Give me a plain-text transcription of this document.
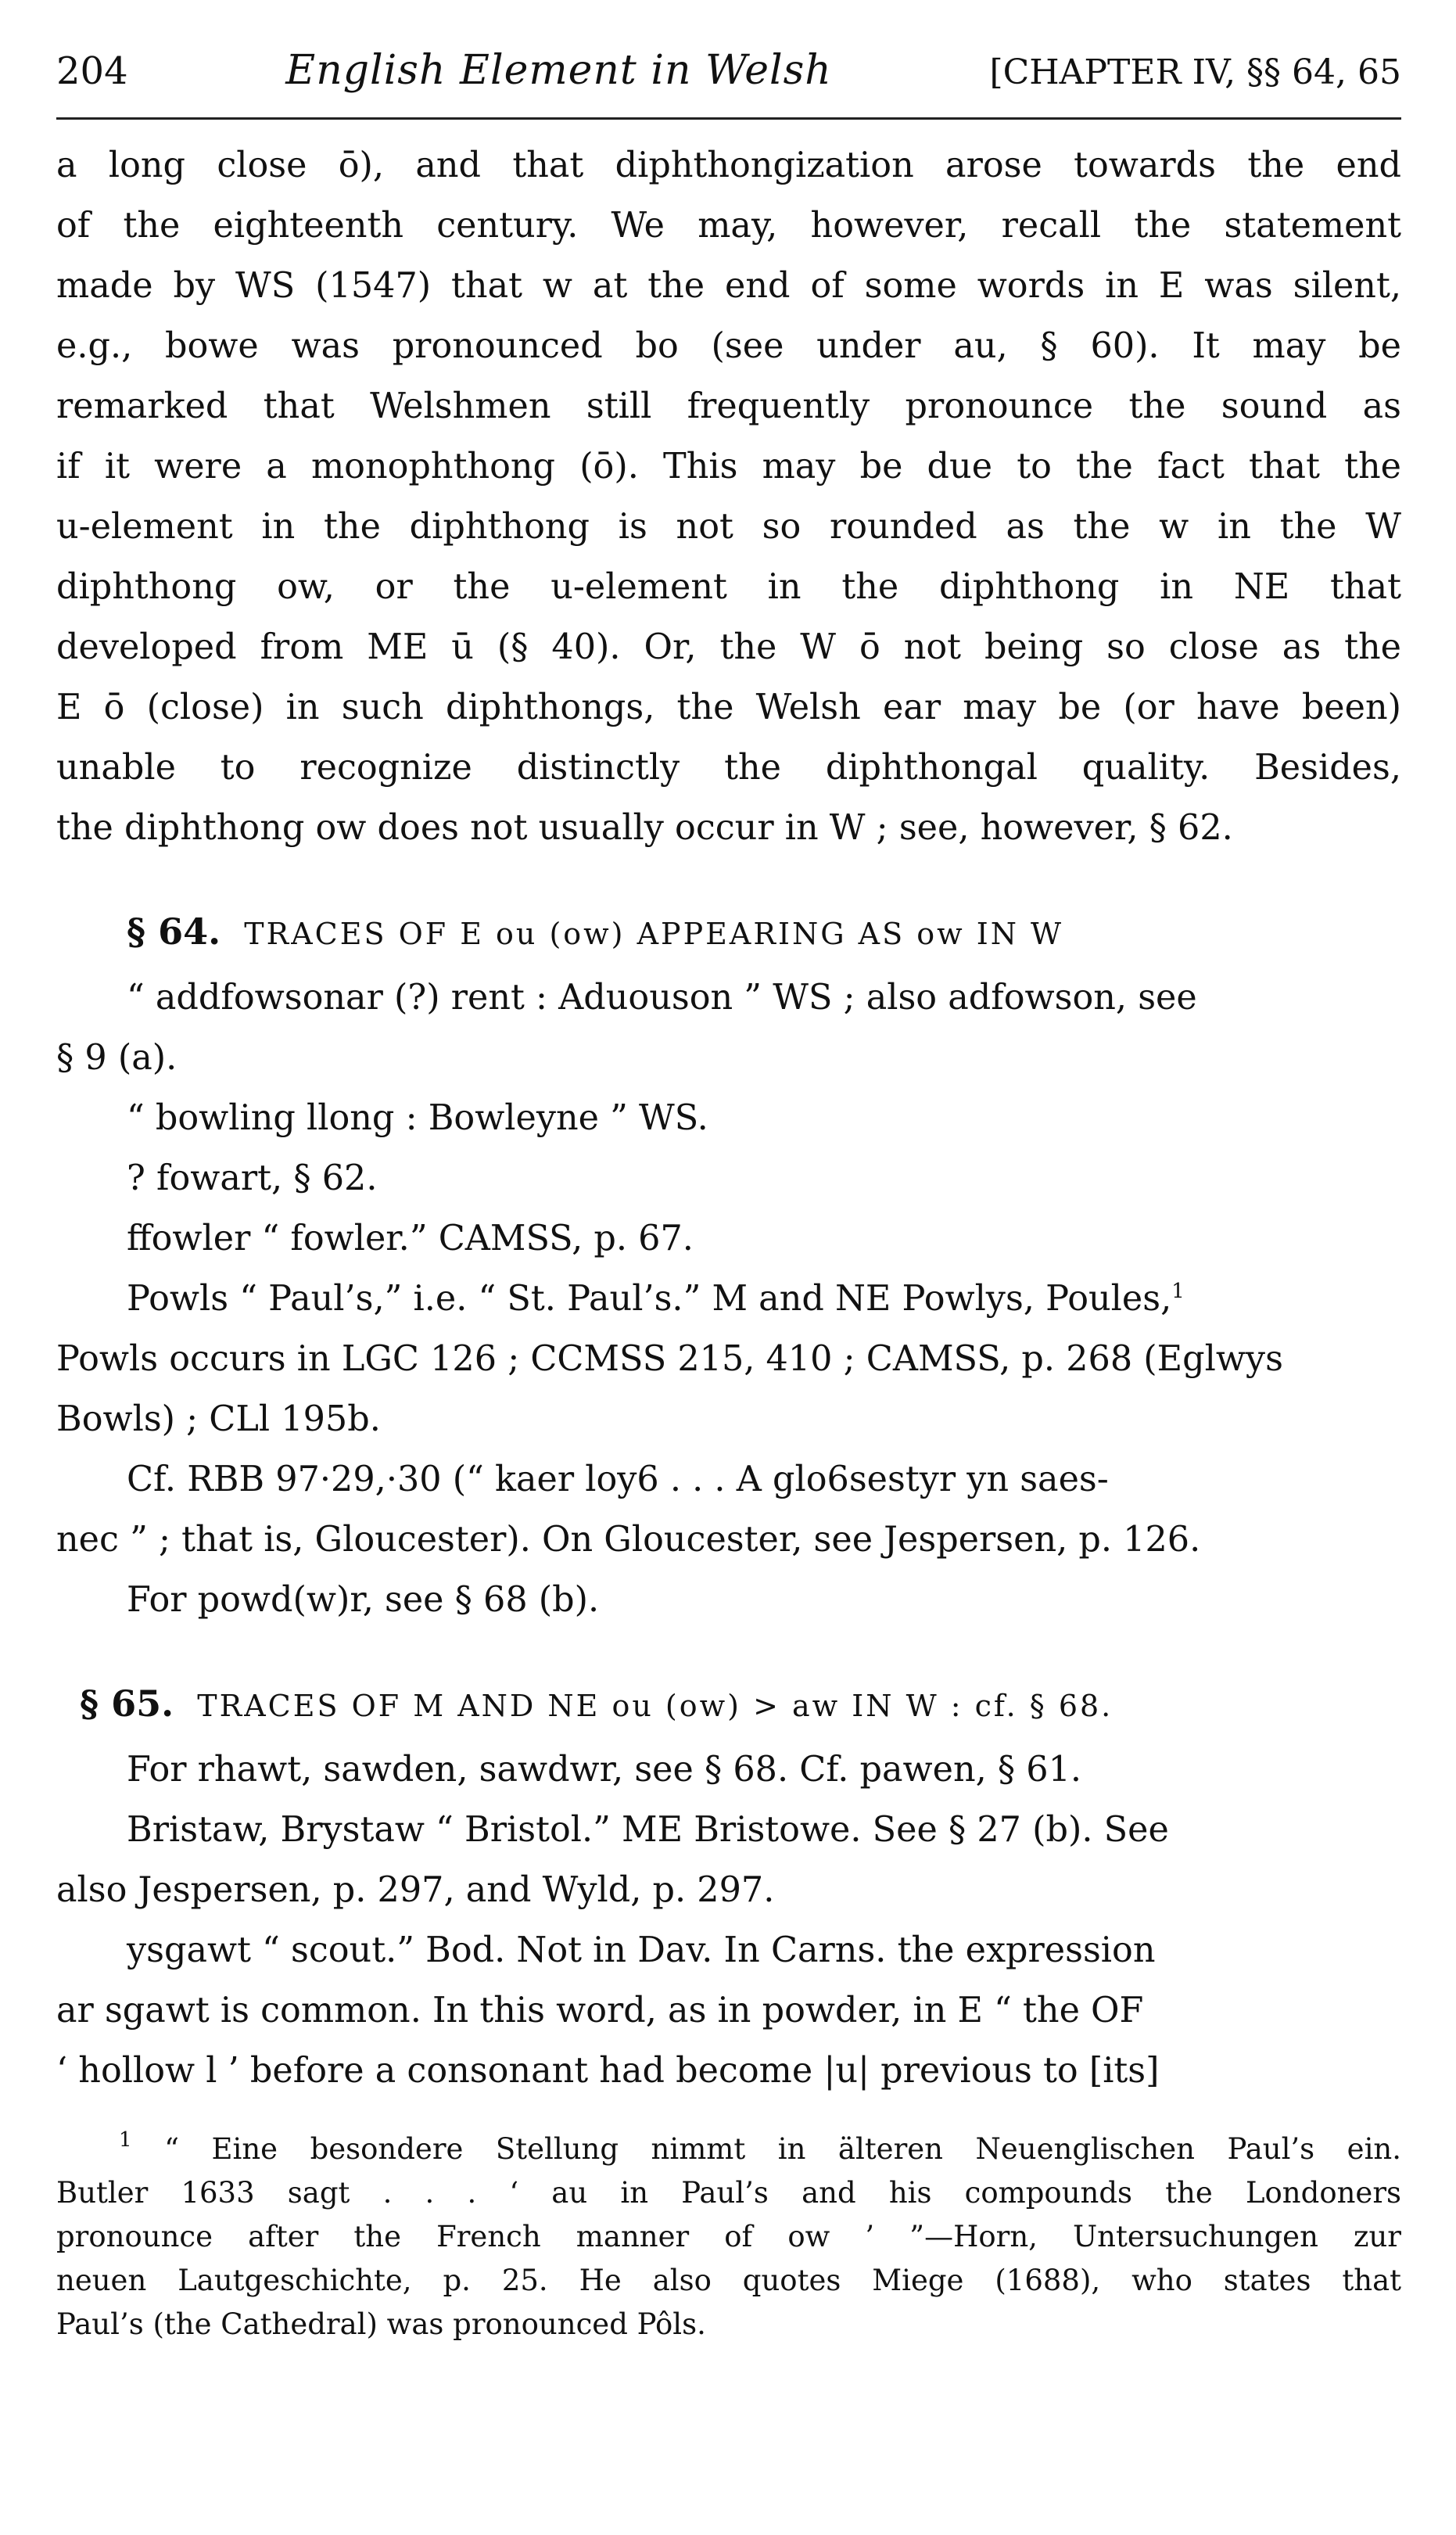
204	English Element in Welsh	[CHAPTER IV, §§ 64, 65
a long close ō), and that diphthongization arose towards the end
of the eighteenth century. We may, however, recall the statement
made by WS (1547) that w at the end of some words in E was silent,
e.g., bowe was pronounced bo (see under au, § 60). It may be
remarked that Welshmen still frequently pronounce the sound as
if it were a monophthong (ō). This may be due to the fact that the
u-element in the diphthong is not so rounded as the w in the W
diphthong ow, or the u-element in the diphthong in NE that
developed from ME ū (§ 40). Or, the W ō not being so close as the
E ō (close) in such diphthongs, the Welsh ear may be (or have been)
unable to recognize distinctly the diphthongal quality. Besides,
the diphthong ow does not usually occur in W ; see, however, § 62.
§ 64. TRACES OF E ou (ow) APPEARING AS ow IN W
“ addfowsonar (?) rent : Aduouson ” WS ; also adfowson, see
§ 9 (a).
“ bowling llong : Bowleyne ” WS.
? fowart, § 62.
ffowler “ fowler.” CAMSS, p. 67.
Powls “ Paul’s,” i.e. “ St. Paul’s.” M and NE Powlys, Poules,$^1$
Powls occurs in LGC 126 ; CCMSS 215, 410 ; CAMSS, p. 268 (Eglwys
Bowls) ; CLl 195b.
Cf. RBB 97·29,·30 (“ kaer loy6 . . . A glo6sestyr yn saes-
nec ” ; that is, Gloucester). On Gloucester, see Jespersen, p. 126.
For powd(w)r, see § 68 (b).
§ 65. TRACES OF M AND NE ou (ow) > aw IN W : cf. § 68.
For rhawt, sawden, sawdwr, see § 68. Cf. pawen, § 61.
Bristaw, Brystaw “ Bristol.” ME Bristowe. See § 27 (b). See
also Jespersen, p. 297, and Wyld, p. 297.
ysgawt “ scout.” Bod. Not in Dav. In Carns. the expression
ar sgawt is common. In this word, as in powder, in E “ the OF
‘ hollow l ’ before a consonant had become |u| previous to [its]
$^1$ “ Eine besondere Stellung nimmt in älteren Neuenglischen Paul’s ein.
Butler 1633 sagt . . . ‘ au in Paul’s and his compounds the Londoners
pronounce after the French manner of ow ’ ”—Horn, Untersuchungen zur
neuen Lautgeschichte, p. 25. He also quotes Miege (1688), who states that
Paul’s (the Cathedral) was pronounced Pôls.
